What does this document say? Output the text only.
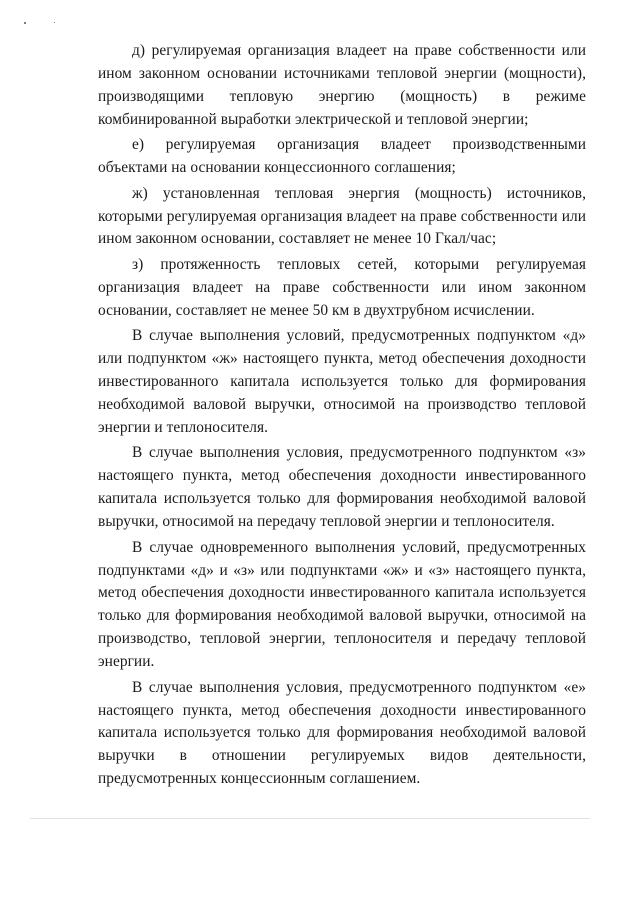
д) регулируемая организация владеет на праве собственности или ином законном основании источниками тепловой энергии (мощности), производящими тепловую энергию (мощность) в режиме комбинированной выработки электрической и тепловой энергии;

е) регулируемая организация владеет производственными объектами на основании концессионного соглашения;

ж) установленная тепловая энергия (мощность) источников, которыми регулируемая организация владеет на праве собственности или ином законном основании, составляет не менее 10 Гкал/час;

з) протяженность тепловых сетей, которыми регулируемая организация владеет на праве собственности или ином законном основании, составляет не менее 50 км в двухтрубном исчислении.

В случае выполнения условий, предусмотренных подпунктом «д» или подпунктом «ж» настоящего пункта, метод обеспечения доходности инвестированного капитала используется только для формирования необходимой валовой выручки, относимой на производство тепловой энергии и теплоносителя.

В случае выполнения условия, предусмотренного подпунктом «з» настоящего пункта, метод обеспечения доходности инвестированного капитала используется только для формирования необходимой валовой выручки, относимой на передачу тепловой энергии и теплоносителя.

В случае одновременного выполнения условий, предусмотренных подпунктами «д» и «з» или подпунктами «ж» и «з» настоящего пункта, метод обеспечения доходности инвестированного капитала используется только для формирования необходимой валовой выручки, относимой на производство, тепловой энергии, теплоносителя и передачу тепловой энергии.

В случае выполнения условия, предусмотренного подпунктом «е» настоящего пункта, метод обеспечения доходности инвестированного капитала используется только для формирования необходимой валовой выручки в отношении регулируемых видов деятельности, предусмотренных концессионным соглашением.
